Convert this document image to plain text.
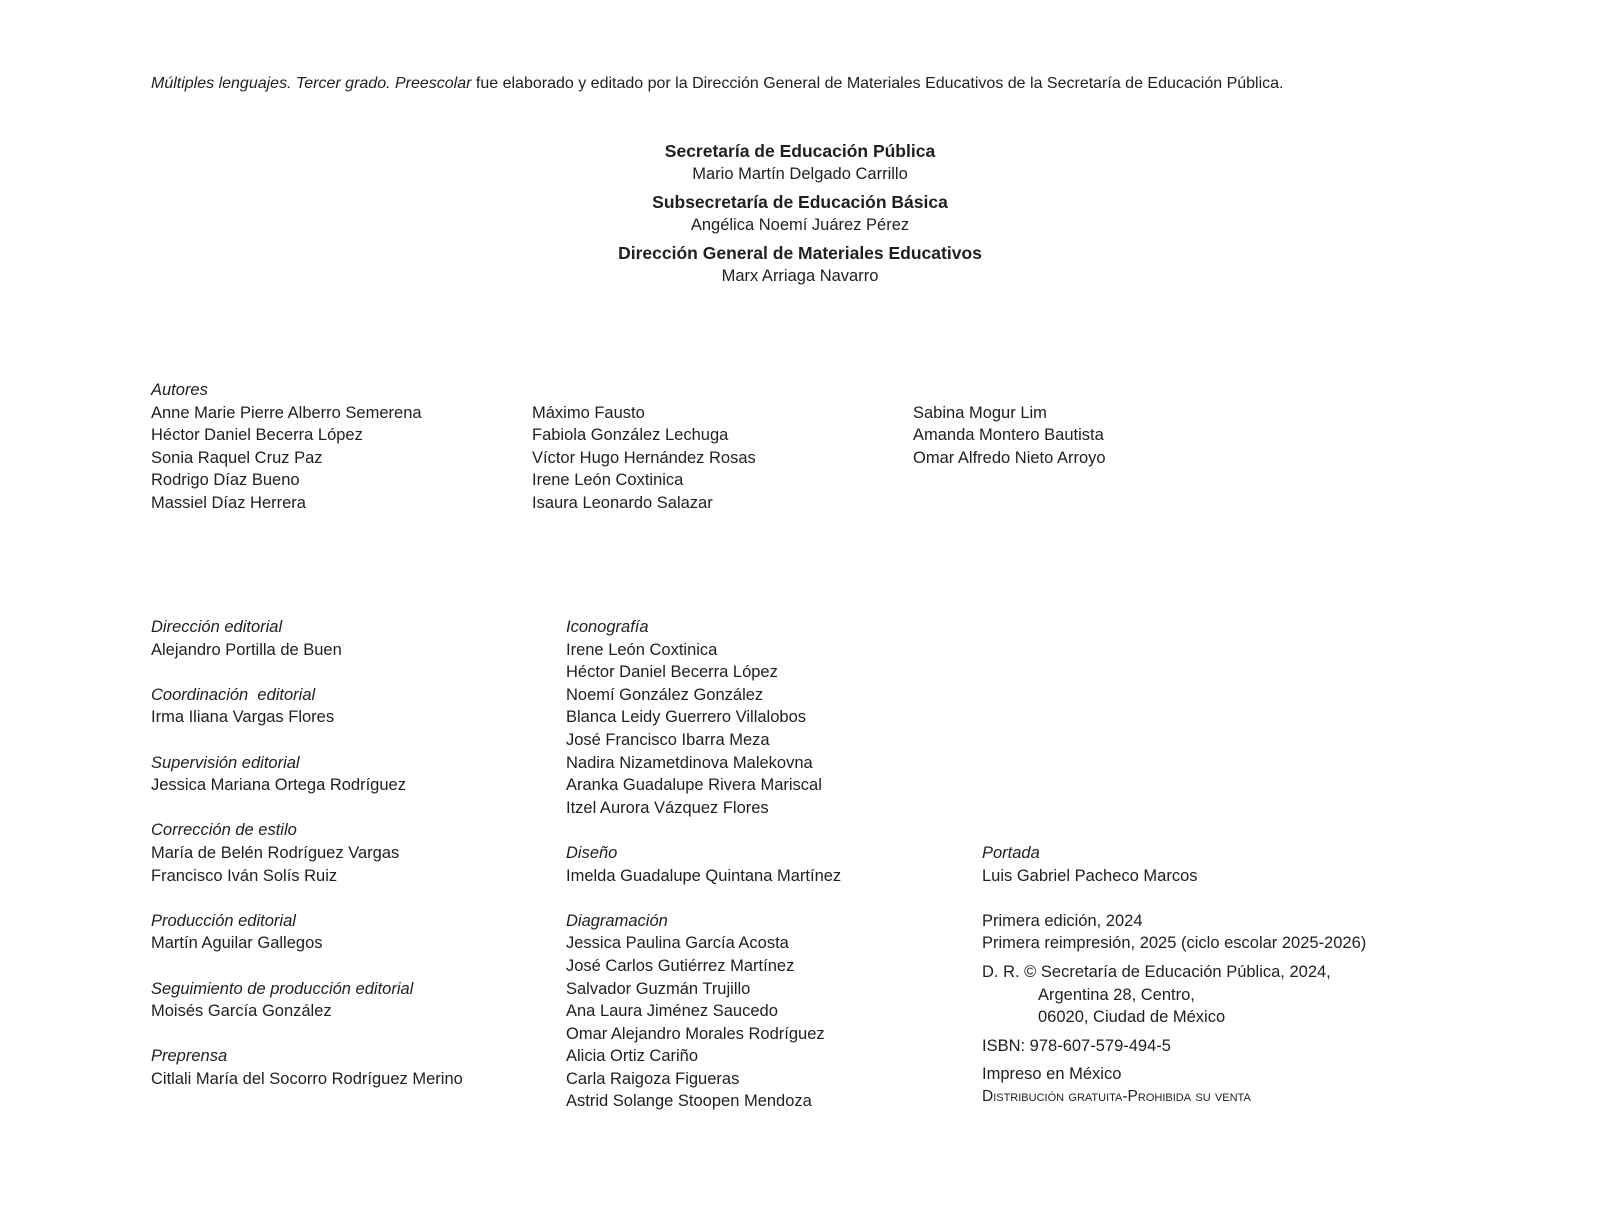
Múltiples lenguajes. Tercer grado. Preescolar fue elaborado y editado por la Dirección General de Materiales Educativos de la Secretaría de Educación Pública.
Secretaría de Educación Pública
Mario Martín Delgado Carrillo
Subsecretaría de Educación Básica
Angélica Noemí Juárez Pérez
Dirección General de Materiales Educativos
Marx Arriaga Navarro
Autores
Anne Marie Pierre Alberro Semerena
Héctor Daniel Becerra López
Sonia Raquel Cruz Paz
Rodrigo Díaz Bueno
Massiel Díaz Herrera
Máximo Fausto
Fabiola González Lechuga
Víctor Hugo Hernández Rosas
Irene León Coxtinica
Isaura Leonardo Salazar
Sabina Mogur Lim
Amanda Montero Bautista
Omar Alfredo Nieto Arroyo
Dirección editorial
Alejandro Portilla de Buen
Coordinación  editorial
Irma Iliana Vargas Flores
Supervisión editorial
Jessica Mariana Ortega Rodríguez
Corrección de estilo
María de Belén Rodríguez Vargas
Francisco Iván Solís Ruiz
Producción editorial
Martín Aguilar Gallegos
Seguimiento de producción editorial
Moisés García González
Preprensa
Citlali María del Socorro Rodríguez Merino
Iconografía
Irene León Coxtinica
Héctor Daniel Becerra López
Noemí González González
Blanca Leidy Guerrero Villalobos
José Francisco Ibarra Meza
Nadira Nizametdinova Malekovna
Aranka Guadalupe Rivera Mariscal
Itzel Aurora Vázquez Flores
Diseño
Imelda Guadalupe Quintana Martínez
Diagramación
Jessica Paulina García Acosta
José Carlos Gutiérrez Martínez
Salvador Guzmán Trujillo
Ana Laura Jiménez Saucedo
Omar Alejandro Morales Rodríguez
Alicia Ortiz Cariño
Carla Raigoza Figueras
Astrid Solange Stoopen Mendoza
Portada
Luis Gabriel Pacheco Marcos
Primera edición, 2024
Primera reimpresión, 2025 (ciclo escolar 2025-2026)
D. R. © Secretaría de Educación Pública, 2024,
Argentina 28, Centro,
06020, Ciudad de México
ISBN: 978-607-579-494-5
Impreso en México
Distribución gratuita-Prohibida su venta
